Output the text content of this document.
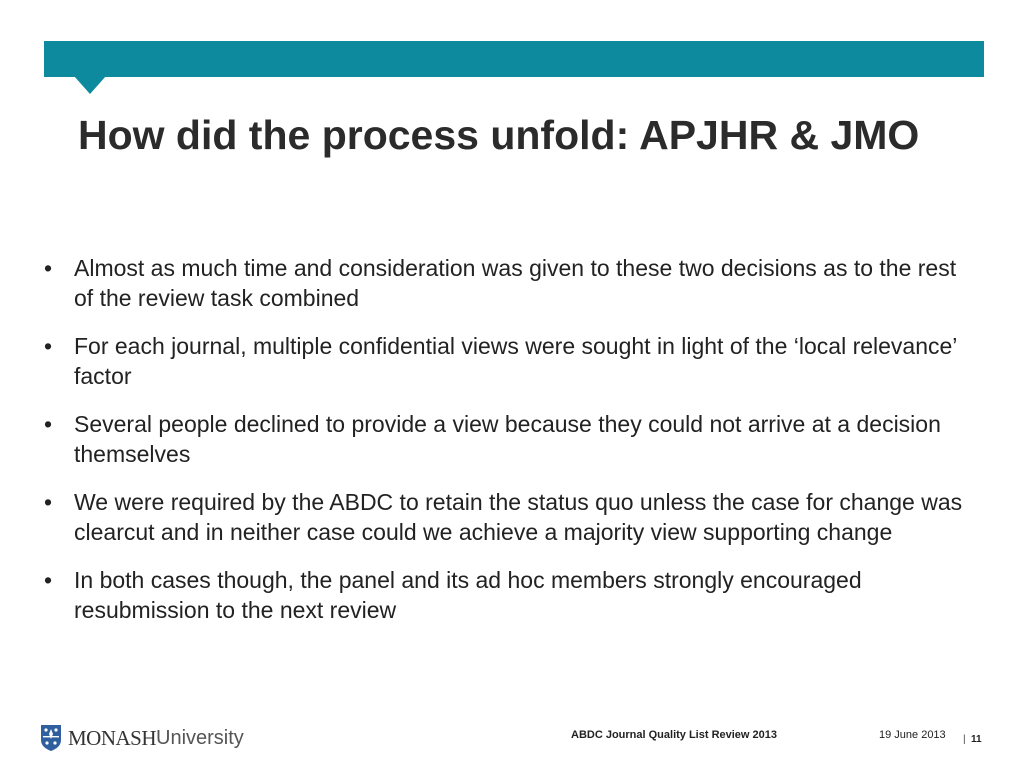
How did the process unfold: APJHR & JMO
• Almost as much time and consideration was given to these two decisions as to the rest of the review task combined
• For each journal, multiple confidential views were sought in light of the ‘local relevance’ factor
• Several people declined to provide a view because they could not arrive at a decision themselves
• We were required by the ABDC to retain the status quo unless the case for change was clearcut and in neither case could we achieve a majority view supporting change
• In both cases though, the panel and its ad hoc members strongly encouraged resubmission to the next review
MONASH University	ABDC Journal Quality List Review 2013	19 June 2013 | 11
